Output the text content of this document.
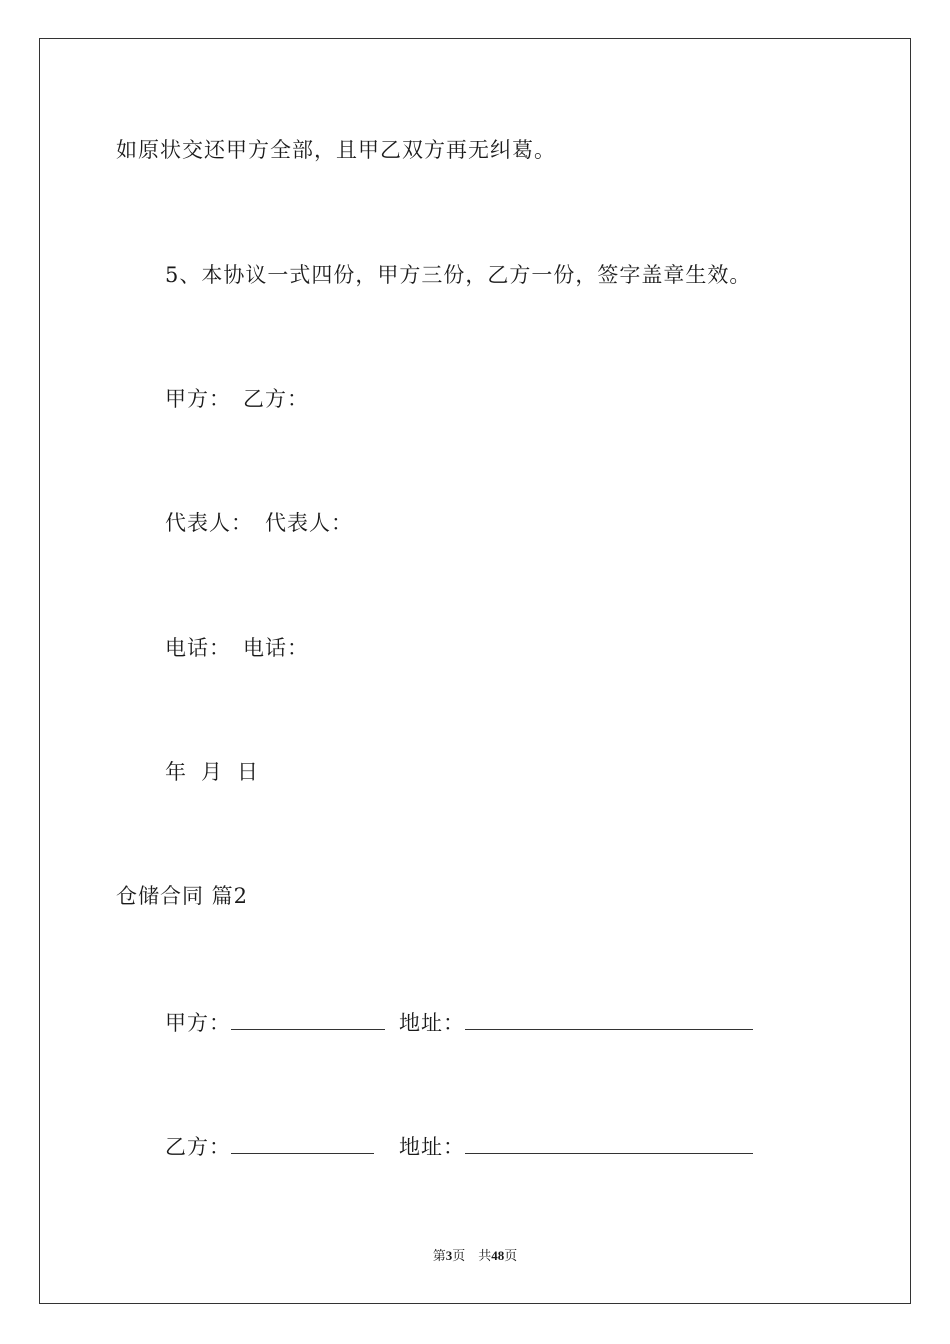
如原状交还甲方全部，且甲乙双方再无纠葛。
5、本协议一式四份，甲方三份，乙方一份，签字盖章生效。
甲方： 乙方：
代表人： 代表人：
电话： 电话：
年 月 日
仓储合同 篇2
甲方：	地址：
乙方：	地址：
第3页　共48页
